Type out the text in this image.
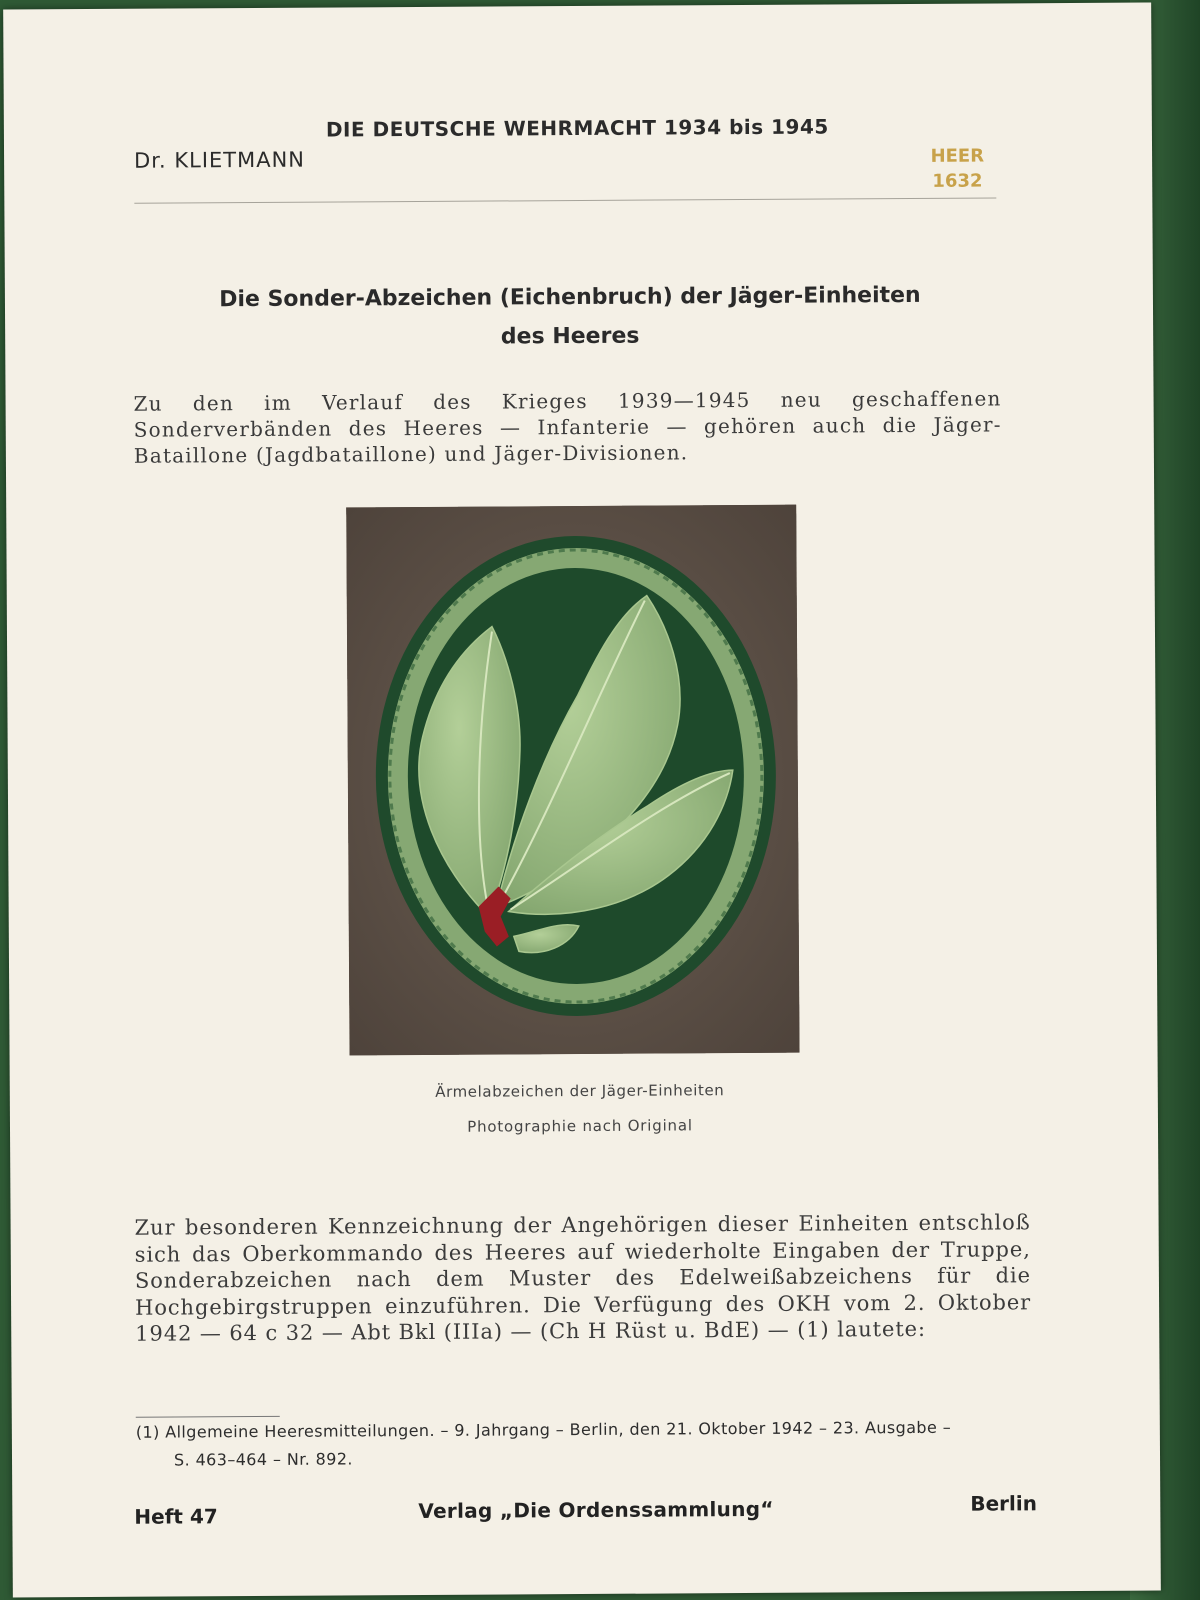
DIE DEUTSCHE WEHRMACHT 1934 bis 1945
Dr. KLIETMANN	HEER
1632
Die Sonder-Abzeichen (Eichenbruch) der Jäger-Einheiten
des Heeres
Zu den im Verlauf des Krieges 1939—1945 neu geschaffenen Sonderverbänden des Heeres — Infanterie — gehören auch die Jäger-Bataillone (Jagdbataillone) und Jäger-Divisionen.
Ärmelabzeichen der Jäger-Einheiten
Photographie nach Original
Zur besonderen Kennzeichnung der Angehörigen dieser Einheiten entschloß sich das Oberkommando des Heeres auf wiederholte Eingaben der Truppe, Sonderabzeichen nach dem Muster des Edelweißabzeichens für die Hochgebirgstruppen einzuführen. Die Verfügung des OKH vom 2. Oktober 1942 — 64 c 32 — Abt Bkl (IIIa) — (Ch H Rüst u. BdE) — (1) lautete:
(1) Allgemeine Heeresmitteilungen. – 9. Jahrgang – Berlin, den 21. Oktober 1942 – 23. Ausgabe –
S. 463–464 – Nr. 892.
Heft 47	Verlag „Die Ordenssammlung“	Berlin
